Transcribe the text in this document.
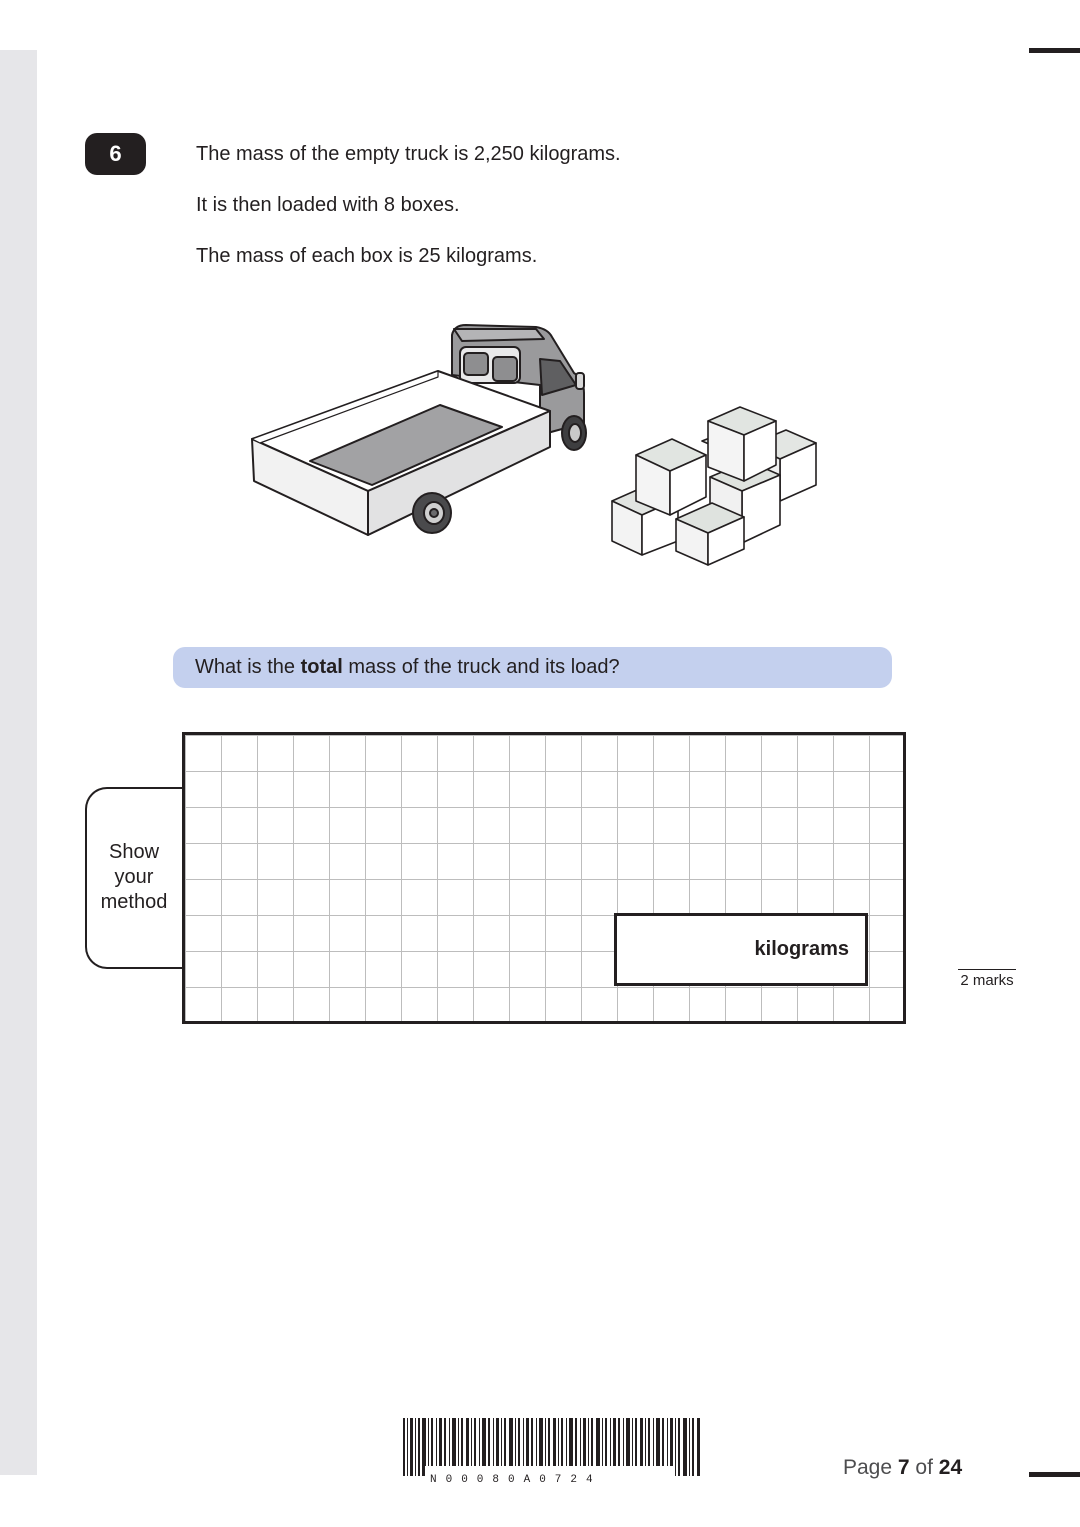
6	The mass of the empty truck is 2,250 kilograms.
It is then loaded with 8 boxes.
The mass of each box is 25 kilograms.
What is the total mass of the truck and its load?
Show
your
method
kilograms
2 marks
N00080A0724
Page 7 of 24
